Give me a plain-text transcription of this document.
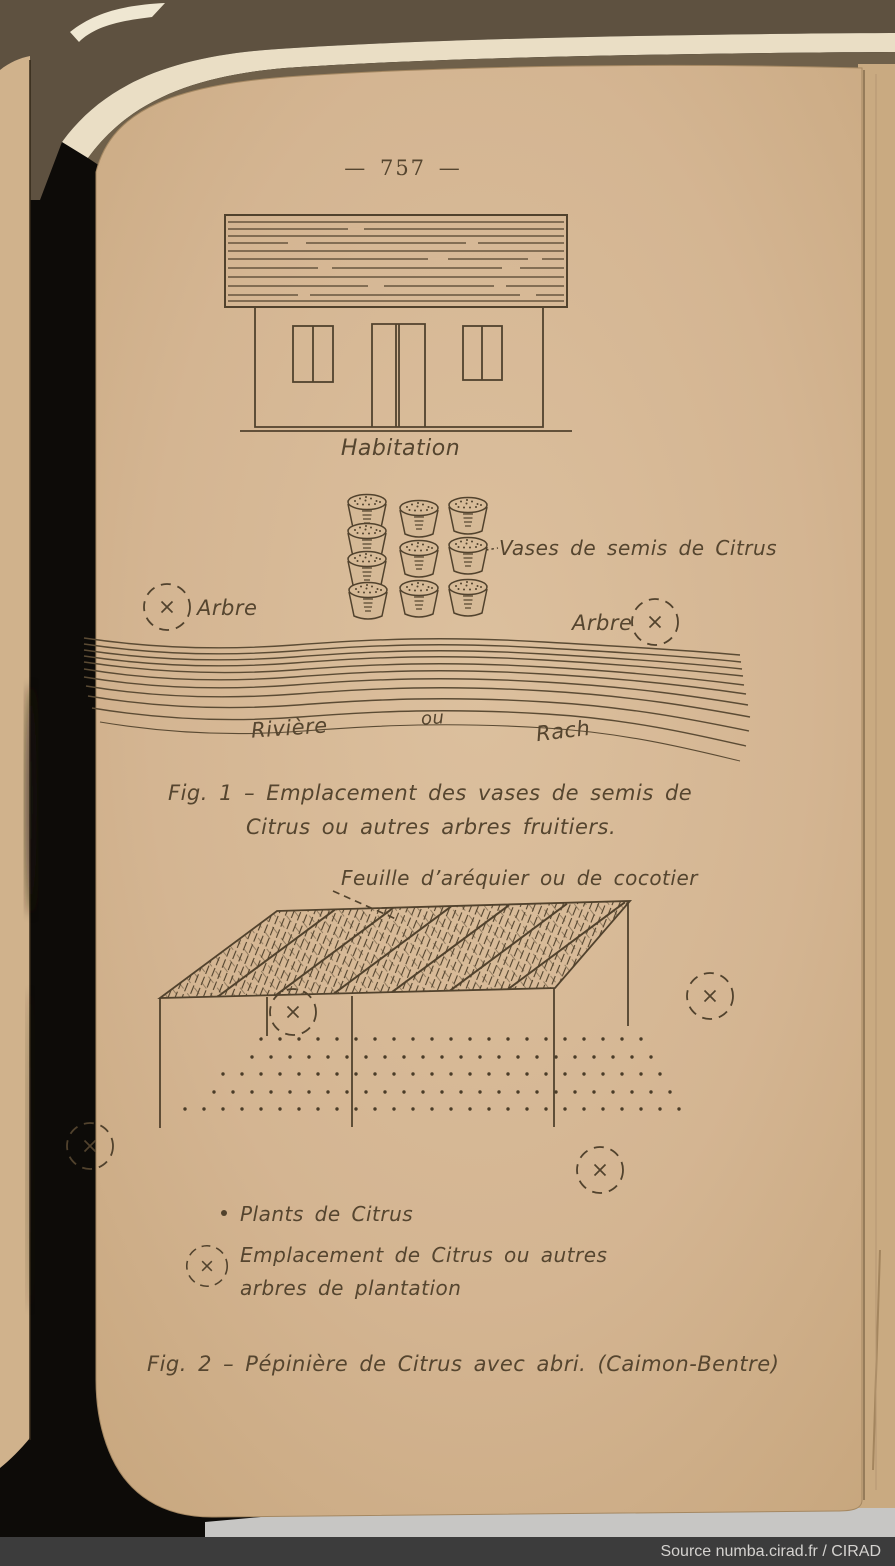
— 757 —
Habitation
Vases de semis de Citrus
Arbre
Arbre
Rivière	ou	Rach
Fig. 1 – Emplacement des vases de semis de
Citrus ou autres arbres fruitiers.
Feuille d’aréquier ou de cocotier
Plants de Citrus
Emplacement de Citrus ou autres
arbres de plantation
Fig. 2 – Pépinière de Citrus avec abri. (Caimon-Bentre)
Source numba.cirad.fr / CIRAD
